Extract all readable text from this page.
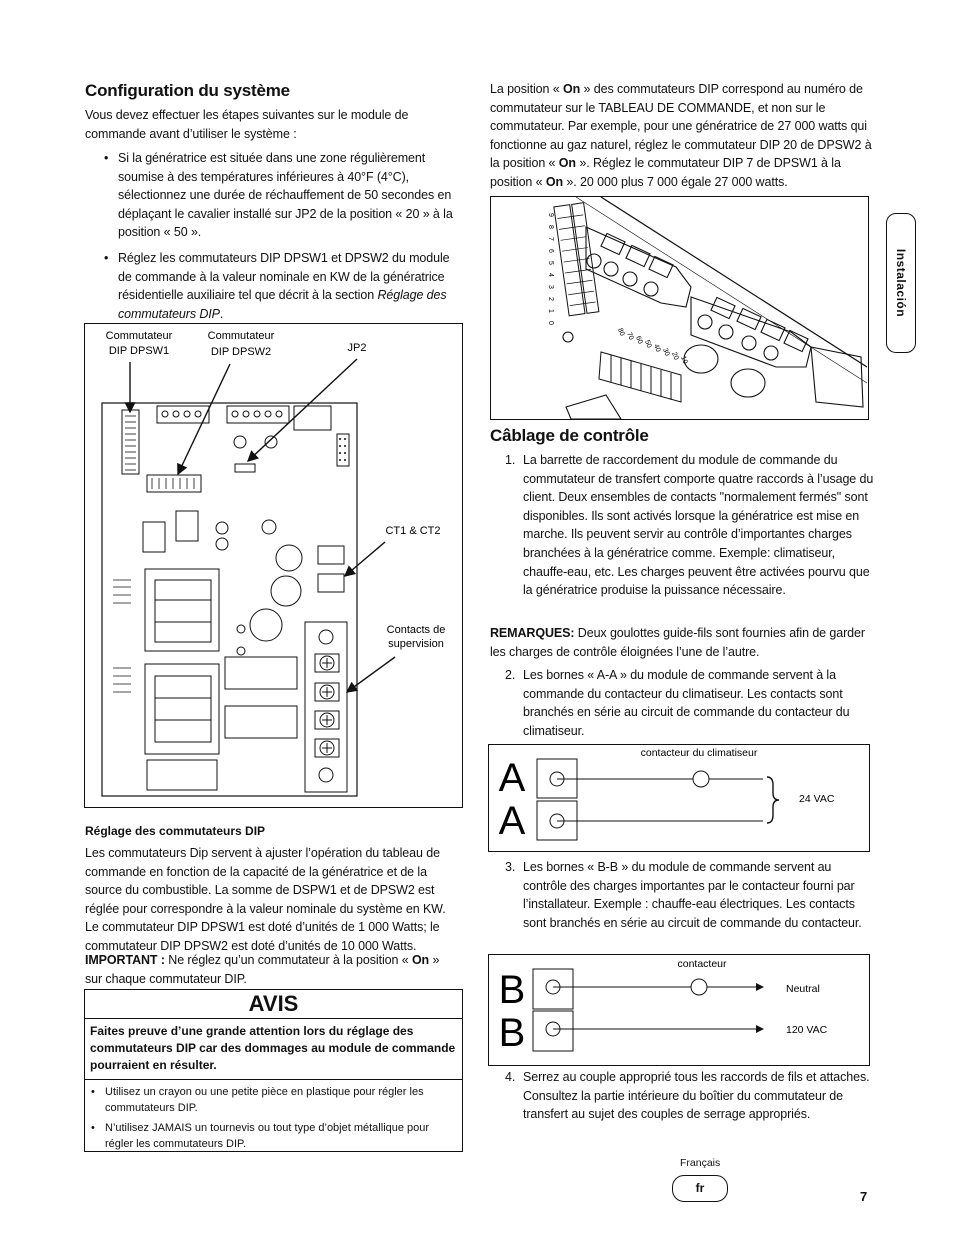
Configuration du système
Vous devez effectuer les étapes suivantes sur le module de commande avant d’utiliser le système :
• Si la génératrice est située dans une zone régulièrement soumise à des températures inférieures à 40°F (4°C), sélectionnez une durée de réchauffement de 50 secondes en déplaçant le cavalier installé sur JP2 de la position « 20 » à la position « 50 ».
• Réglez les commutateurs DIP DPSW1 et DPSW2 du module de commande à la valeur nominale en KW de la génératrice résidentielle auxiliaire tel que décrit à la section Réglage des commutateurs DIP.
Commutateur
DIP DPSW1
Commutateur
DIP DPSW2	JP2
CT1 & CT2
Contacts de
supervision
Réglage des commutateurs DIP
Les commutateurs Dip servent à ajuster l’opération du tableau de commande en fonction de la capacité de la génératrice et de la source du combustible. La somme de DSPW1 et de DPSW2 est réglée pour correspondre à la valeur nominale du système en KW. Le commutateur DIP DPSW1 est doté d’unités de 1 000 Watts; le commutateur DIP DPSW2 est doté d’unités de 10 000 Watts.
IMPORTANT : Ne réglez qu’un commutateur à la position « On » sur chaque commutateur DIP.
AVIS
Faites preuve d’une grande attention lors du réglage des commutateurs DIP car des dommages au module de commande pourraient en résulter.
• Utilisez un crayon ou une petite pièce en plastique pour régler les commutateurs DIP.
• N’utilisez JAMAIS un tournevis ou tout type d’objet métallique pour régler les commutateurs DIP.
La position « On » des commutateurs DIP correspond au numéro de commutateur sur le TABLEAU DE COMMANDE, et non sur le commutateur. Par exemple, pour une génératrice de 27 000 watts qui fonctionne au gaz naturel, réglez le commutateur DIP 20 de DPSW2 à la position « On ». Réglez le commutateur DIP 7 de DPSW1 à la position « On ». 20 000 plus 7 000 égale 27 000 watts.
9
8
7
6
5
4
3
2
1
0
80 70 60 50 40 30 20 10
Câblage de contrôle
1. La barrette de raccordement du module de commande du commutateur de transfert comporte quatre raccords à l’usage du client. Deux ensembles de contacts "normalement fermés" sont disponibles. Ils sont activés lorsque la génératrice est mise en marche. Ils peuvent servir au contrôle d’importantes charges branchées à la génératrice comme. Exemple: climatiseur, chauffe-eau, etc. Les charges peuvent être activées pourvu que la génératrice produise la puissance nécessaire.
REMARQUES: Deux goulottes guide-fils sont fournies afin de garder les charges de contrôle éloignées l’une de l’autre.
2. Les bornes « A-A » du module de commande servent à la commande du contacteur du climatiseur. Les contacts sont branchés en série au circuit de commande du contacteur du climatiseur.
A
A
contacteur du climatiseur
24 VAC
3. Les bornes « B-B » du module de commande servent au contrôle des charges importantes par le contacteur fourni par l’installateur. Exemple : chauffe-eau électriques. Les contacts sont branchés en série au circuit de commande du contacteur.
B
B
contacteur
Neutral
120 VAC
4. Serrez au couple approprié tous les raccords de fils et attaches. Consultez la partie intérieure du boîtier du commutateur de transfert au sujet des couples de serrage appropriés.
Instalación
Français
fr
7
